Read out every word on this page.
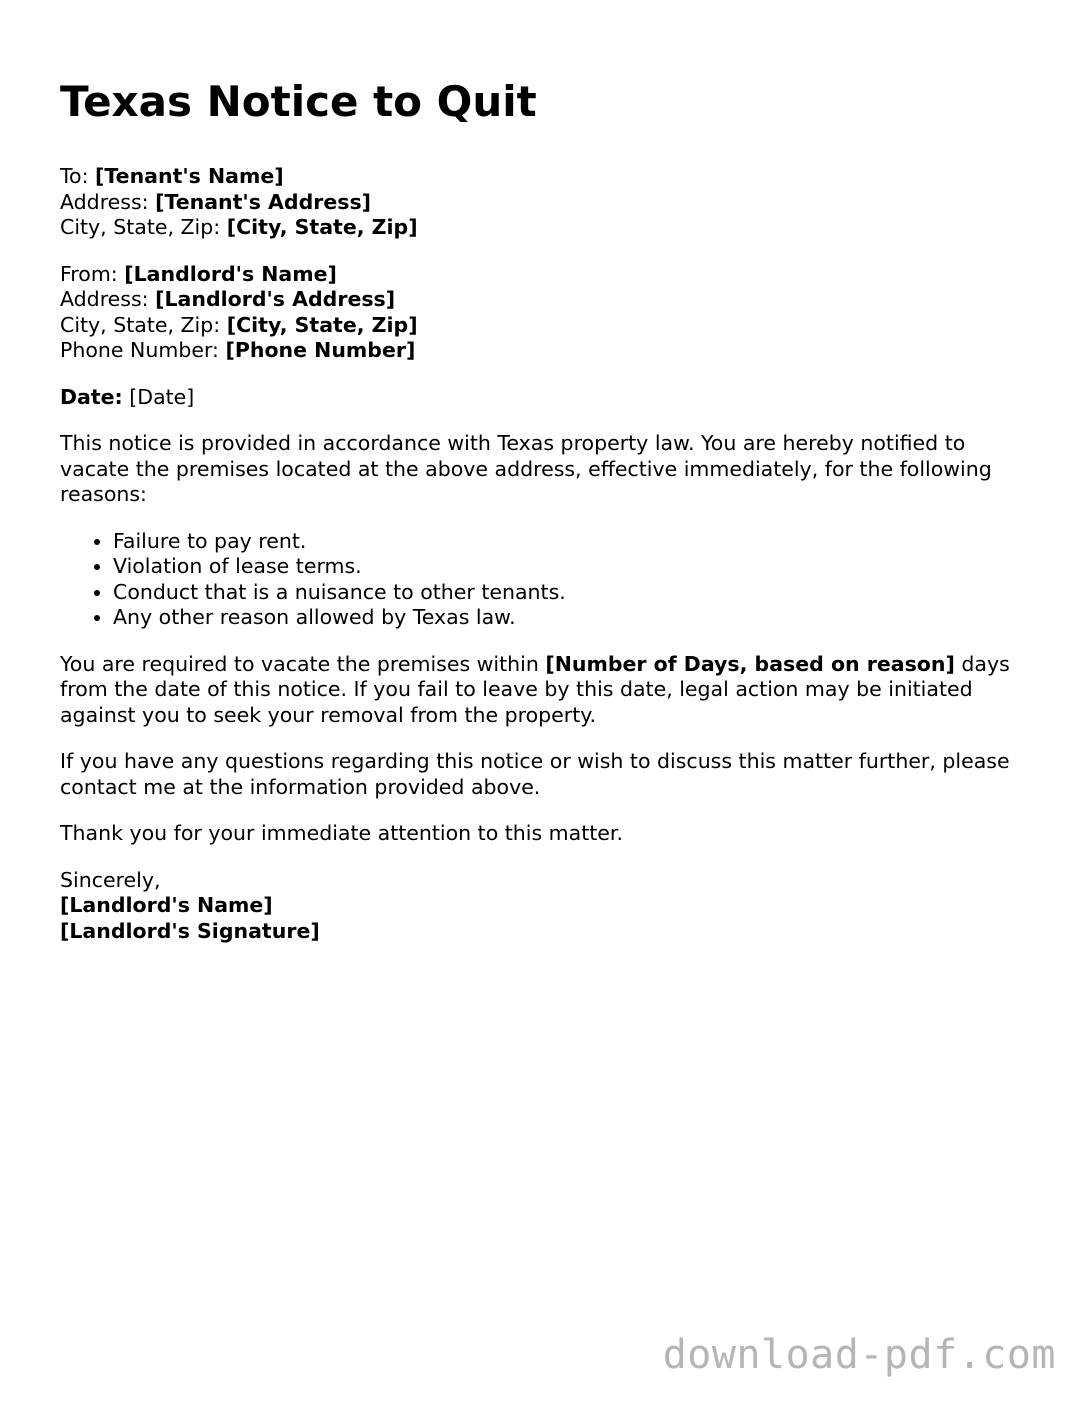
Texas Notice to Quit

To: [Tenant's Name]
Address: [Tenant's Address]
City, State, Zip: [City, State, Zip]

From: [Landlord's Name]
Address: [Landlord's Address]
City, State, Zip: [City, State, Zip]
Phone Number: [Phone Number]

Date: [Date]

This notice is provided in accordance with Texas property law. You are hereby notified to vacate the premises located at the above address, effective immediately, for the following reasons:

• Failure to pay rent.
• Violation of lease terms.
• Conduct that is a nuisance to other tenants.
• Any other reason allowed by Texas law.

You are required to vacate the premises within [Number of Days, based on reason] days from the date of this notice. If you fail to leave by this date, legal action may be initiated against you to seek your removal from the property.

If you have any questions regarding this notice or wish to discuss this matter further, please contact me at the information provided above.

Thank you for your immediate attention to this matter.

Sincerely,
[Landlord's Name]
[Landlord's Signature]

download-pdf.com
